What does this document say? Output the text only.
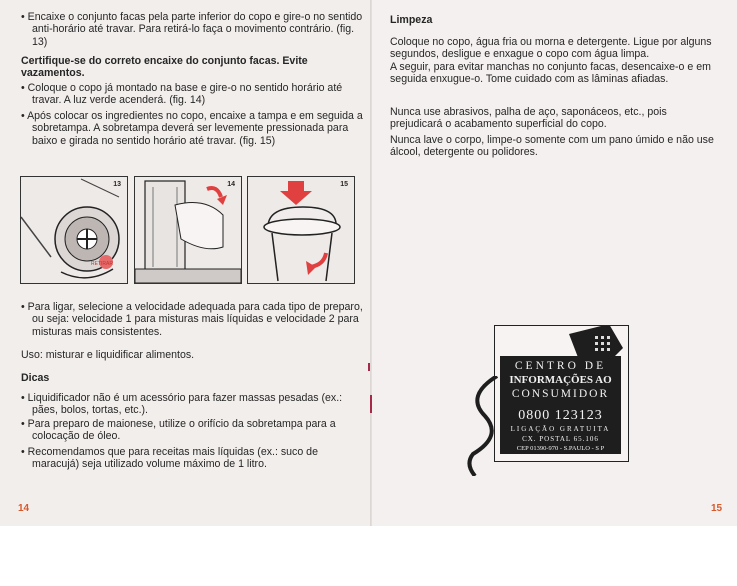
• Encaixe o conjunto facas pela parte inferior do copo e gire-o no sentido anti-horário até travar. Para retirá-lo faça o movimento contrário. (fig. 13)
Certifique-se do correto encaixe do conjunto facas. Evite vazamentos.
• Coloque o copo já montado na base e gire-o no sentido horário até travar. A luz verde acenderá. (fig. 14)
• Após colocar os ingredientes no copo, encaixe a tampa e em seguida a sobretampa. A sobretampa deverá ser levemente pressionada para baixo e girada no sentido horário até travar. (fig. 15)
13
RETIRAR
14	15
• Para ligar, selecione a velocidade adequada para cada tipo de preparo, ou seja: velocidade 1 para misturas mais líquidas e velocidade 2 para misturas mais consistentes.
Uso: misturar e liquidificar alimentos.
Dicas
• Liquidificador não é um acessório para fazer massas pesadas (ex.: pães, bolos, tortas, etc.).
• Para preparo de maionese, utilize o orifício da sobretampa para a colocação de óleo.
• Recomendamos que para receitas mais líquidas (ex.: suco de maracujá) seja utilizado volume máximo de 1 litro.
14
Limpeza
Coloque no copo, água fria ou morna e detergente. Ligue por alguns segundos, desligue e enxague o copo com água limpa.
A seguir, para evitar manchas no conjunto facas, desencaixe-o e em seguida enxugue-o. Tome cuidado com as lâminas afiadas.
Nunca use abrasivos, palha de aço, saponáceos, etc., pois prejudicará o acabamento superficial do copo.
Nunca lave o corpo, limpe-o somente com um pano úmido e não use álcool, detergente ou polidores.
15
CENTRO DE
INFORMAÇÕES AO
CONSUMIDOR
0800 123123
LIGAÇÃO GRATUITA
CX. POSTAL 65.106
CEP 01390-970 - S.PAULO - S P
